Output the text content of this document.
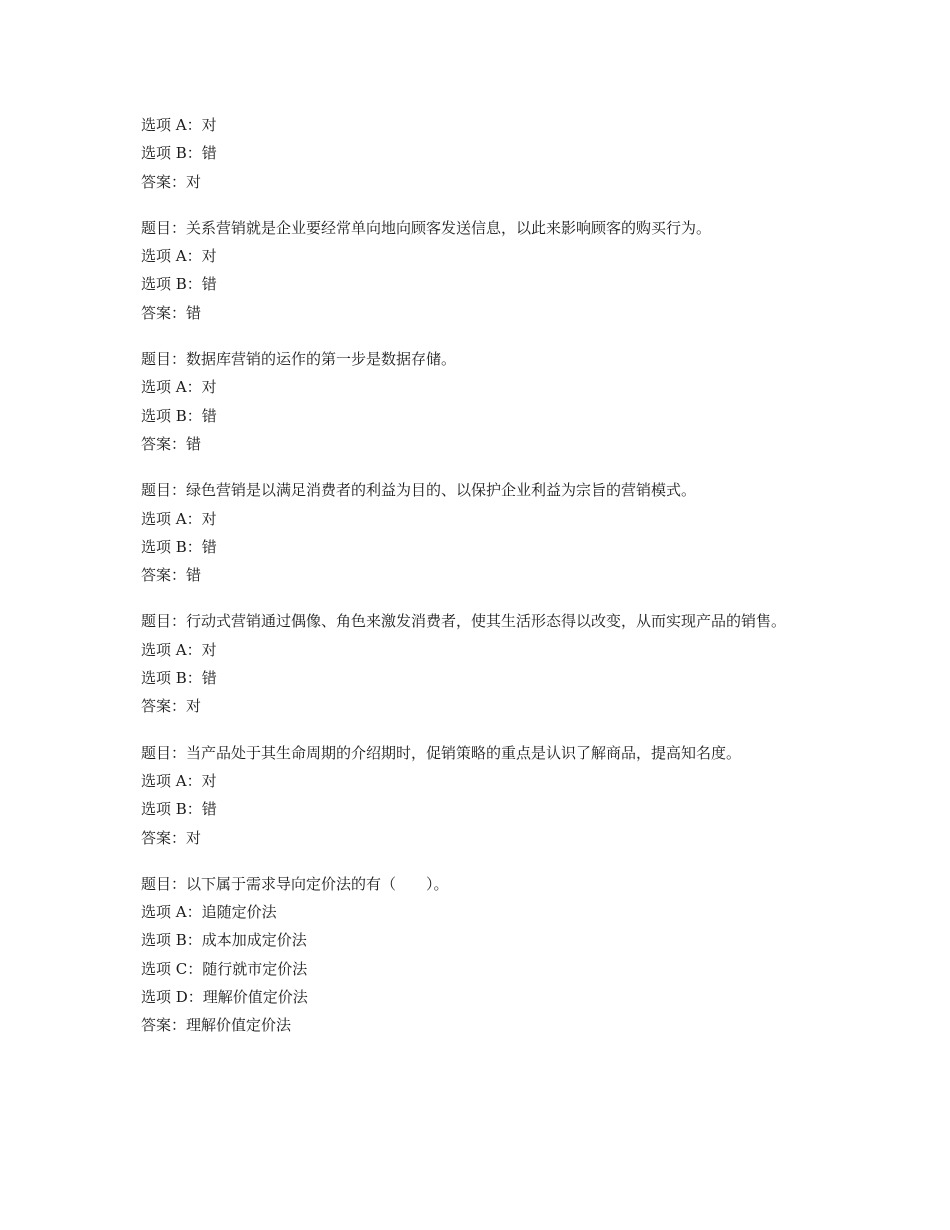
选项 A：对
选项 B：错
答案：对
题目：关系营销就是企业要经常单向地向顾客发送信息，以此来影响顾客的购买行为。
选项 A：对
选项 B：错
答案：错
题目：数据库营销的运作的第一步是数据存储。
选项 A：对
选项 B：错
答案：错
题目：绿色营销是以满足消费者的利益为目的、以保护企业利益为宗旨的营销模式。
选项 A：对
选项 B：错
答案：错
题目：行动式营销通过偶像、角色来激发消费者，使其生活形态得以改变，从而实现产品的销售。
选项 A：对
选项 B：错
答案：对
题目：当产品处于其生命周期的介绍期时，促销策略的重点是认识了解商品，提高知名度。
选项 A：对
选项 B：错
答案：对
题目：以下属于需求导向定价法的有（　　）。
选项 A：追随定价法
选项 B：成本加成定价法
选项 C：随行就市定价法
选项 D：理解价值定价法
答案：理解价值定价法
